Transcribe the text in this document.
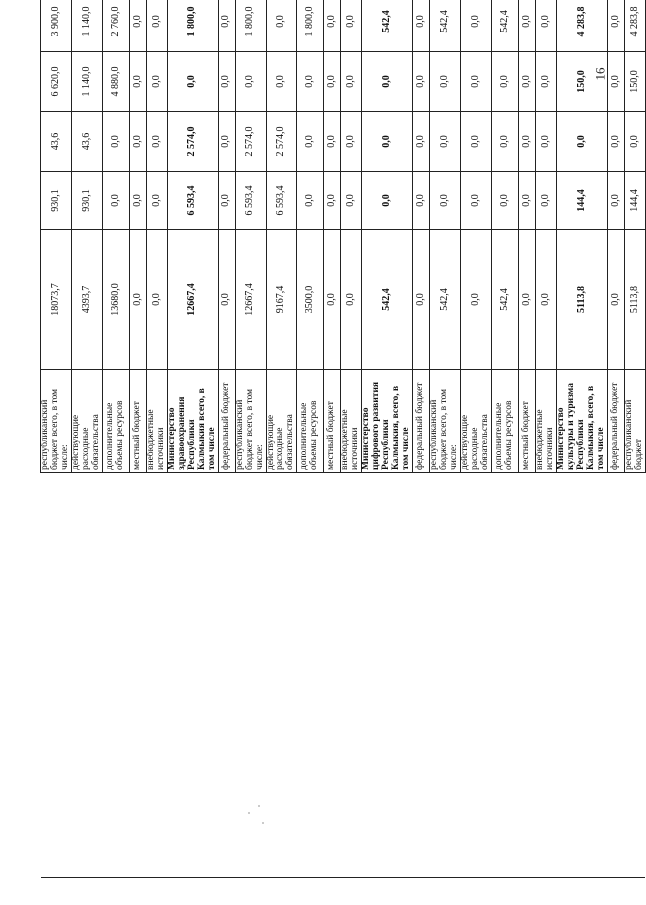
	республиканский бюджет всего, в том числе:	18073,7	930,1	43,6	6 620,0	3 900,0		
	действующие расходные обязательства	4393,7	930,1	43,6	1 140,0	1 140,0		
	дополнительные объемы ресурсов	13680,0	0,0	0,0	4 880,0	2 760,0		
	местный бюджет	0,0	0,0	0,0	0,0	0,0		
	внебюджетные источники	0,0	0,0	0,0	0,0	0,0		
	Министерство здравоохранения Республики Калмыкия всего, в том числе	12667,4	6 593,4	2 574,0	0,0	1 800,0		
	федеральный бюджет	0,0	0,0	0,0	0,0	0,0		
	республиканский бюджет всего, в том числе:	12667,4	6 593,4	2 574,0	0,0	1 800,0		
	действующие расходные обязательства	9167,4	6 593,4	2 574,0	0,0	0,0		
	дополнительные объемы ресурсов	3500,0	0,0	0,0	0,0	1 800,0		
	местный бюджет	0,0	0,0	0,0	0,0	0,0		
	внебюджетные источники	0,0	0,0	0,0	0,0	0,0		
	Министерство цифрового развития Республики Калмыкия, всего, в том числе	542,4	0,0	0,0	0,0	542,4		
	федеральный бюджет	0,0	0,0	0,0	0,0	0,0		
	республиканский бюджет всего, в том числе:	542,4	0,0	0,0	0,0	542,4		
	действующие расходные обязательства	0,0	0,0	0,0	0,0	0,0		
	дополнительные объемы ресурсов	542,4	0,0	0,0	0,0	542,4		
	местный бюджет	0,0	0,0	0,0	0,0	0,0		
	внебюджетные источники	0,0	0,0	0,0	0,0	0,0		
	Министерство культуры и туризма Республики Калмыкия, всего, в том числе	5113,8	144,4	0,0	150,0	4 283,8		
	федеральный бюджет	0,0	0,0	0,0	0,0	0,0		
	республиканский бюджет	5113,8	144,4	0,0	150,0	4 283,8		
16
